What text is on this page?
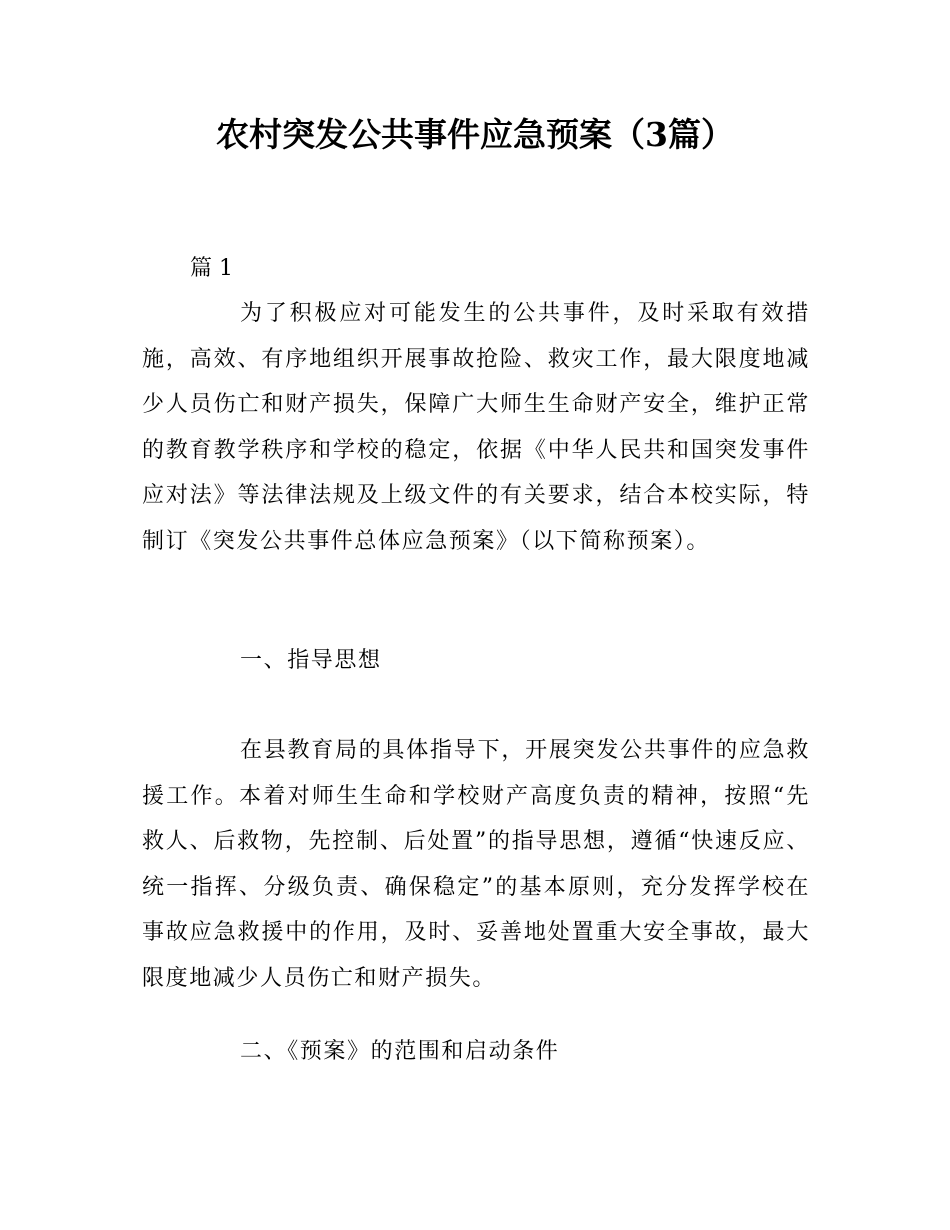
农村突发公共事件应急预案（3篇）
篇 1

为了积极应对可能发生的公共事件，及时采取有效措施，高效、有序地组织开展事故抢险、救灾工作，最大限度地减少人员伤亡和财产损失，保障广大师生生命财产安全，维护正常的教育教学秩序和学校的稳定，依据《中华人民共和国突发事件应对法》等法律法规及上级文件的有关要求，结合本校实际，特制订《突发公共事件总体应急预案》（以下简称预案）。

一、指导思想

在县教育局的具体指导下，开展突发公共事件的应急救援工作。本着对师生生命和学校财产高度负责的精神，按照“先救人、后救物，先控制、后处置”的指导思想，遵循“快速反应、统一指挥、分级负责、确保稳定”的基本原则，充分发挥学校在事故应急救援中的作用，及时、妥善地处置重大安全事故，最大限度地减少人员伤亡和财产损失。

二、《预案》的范围和启动条件
